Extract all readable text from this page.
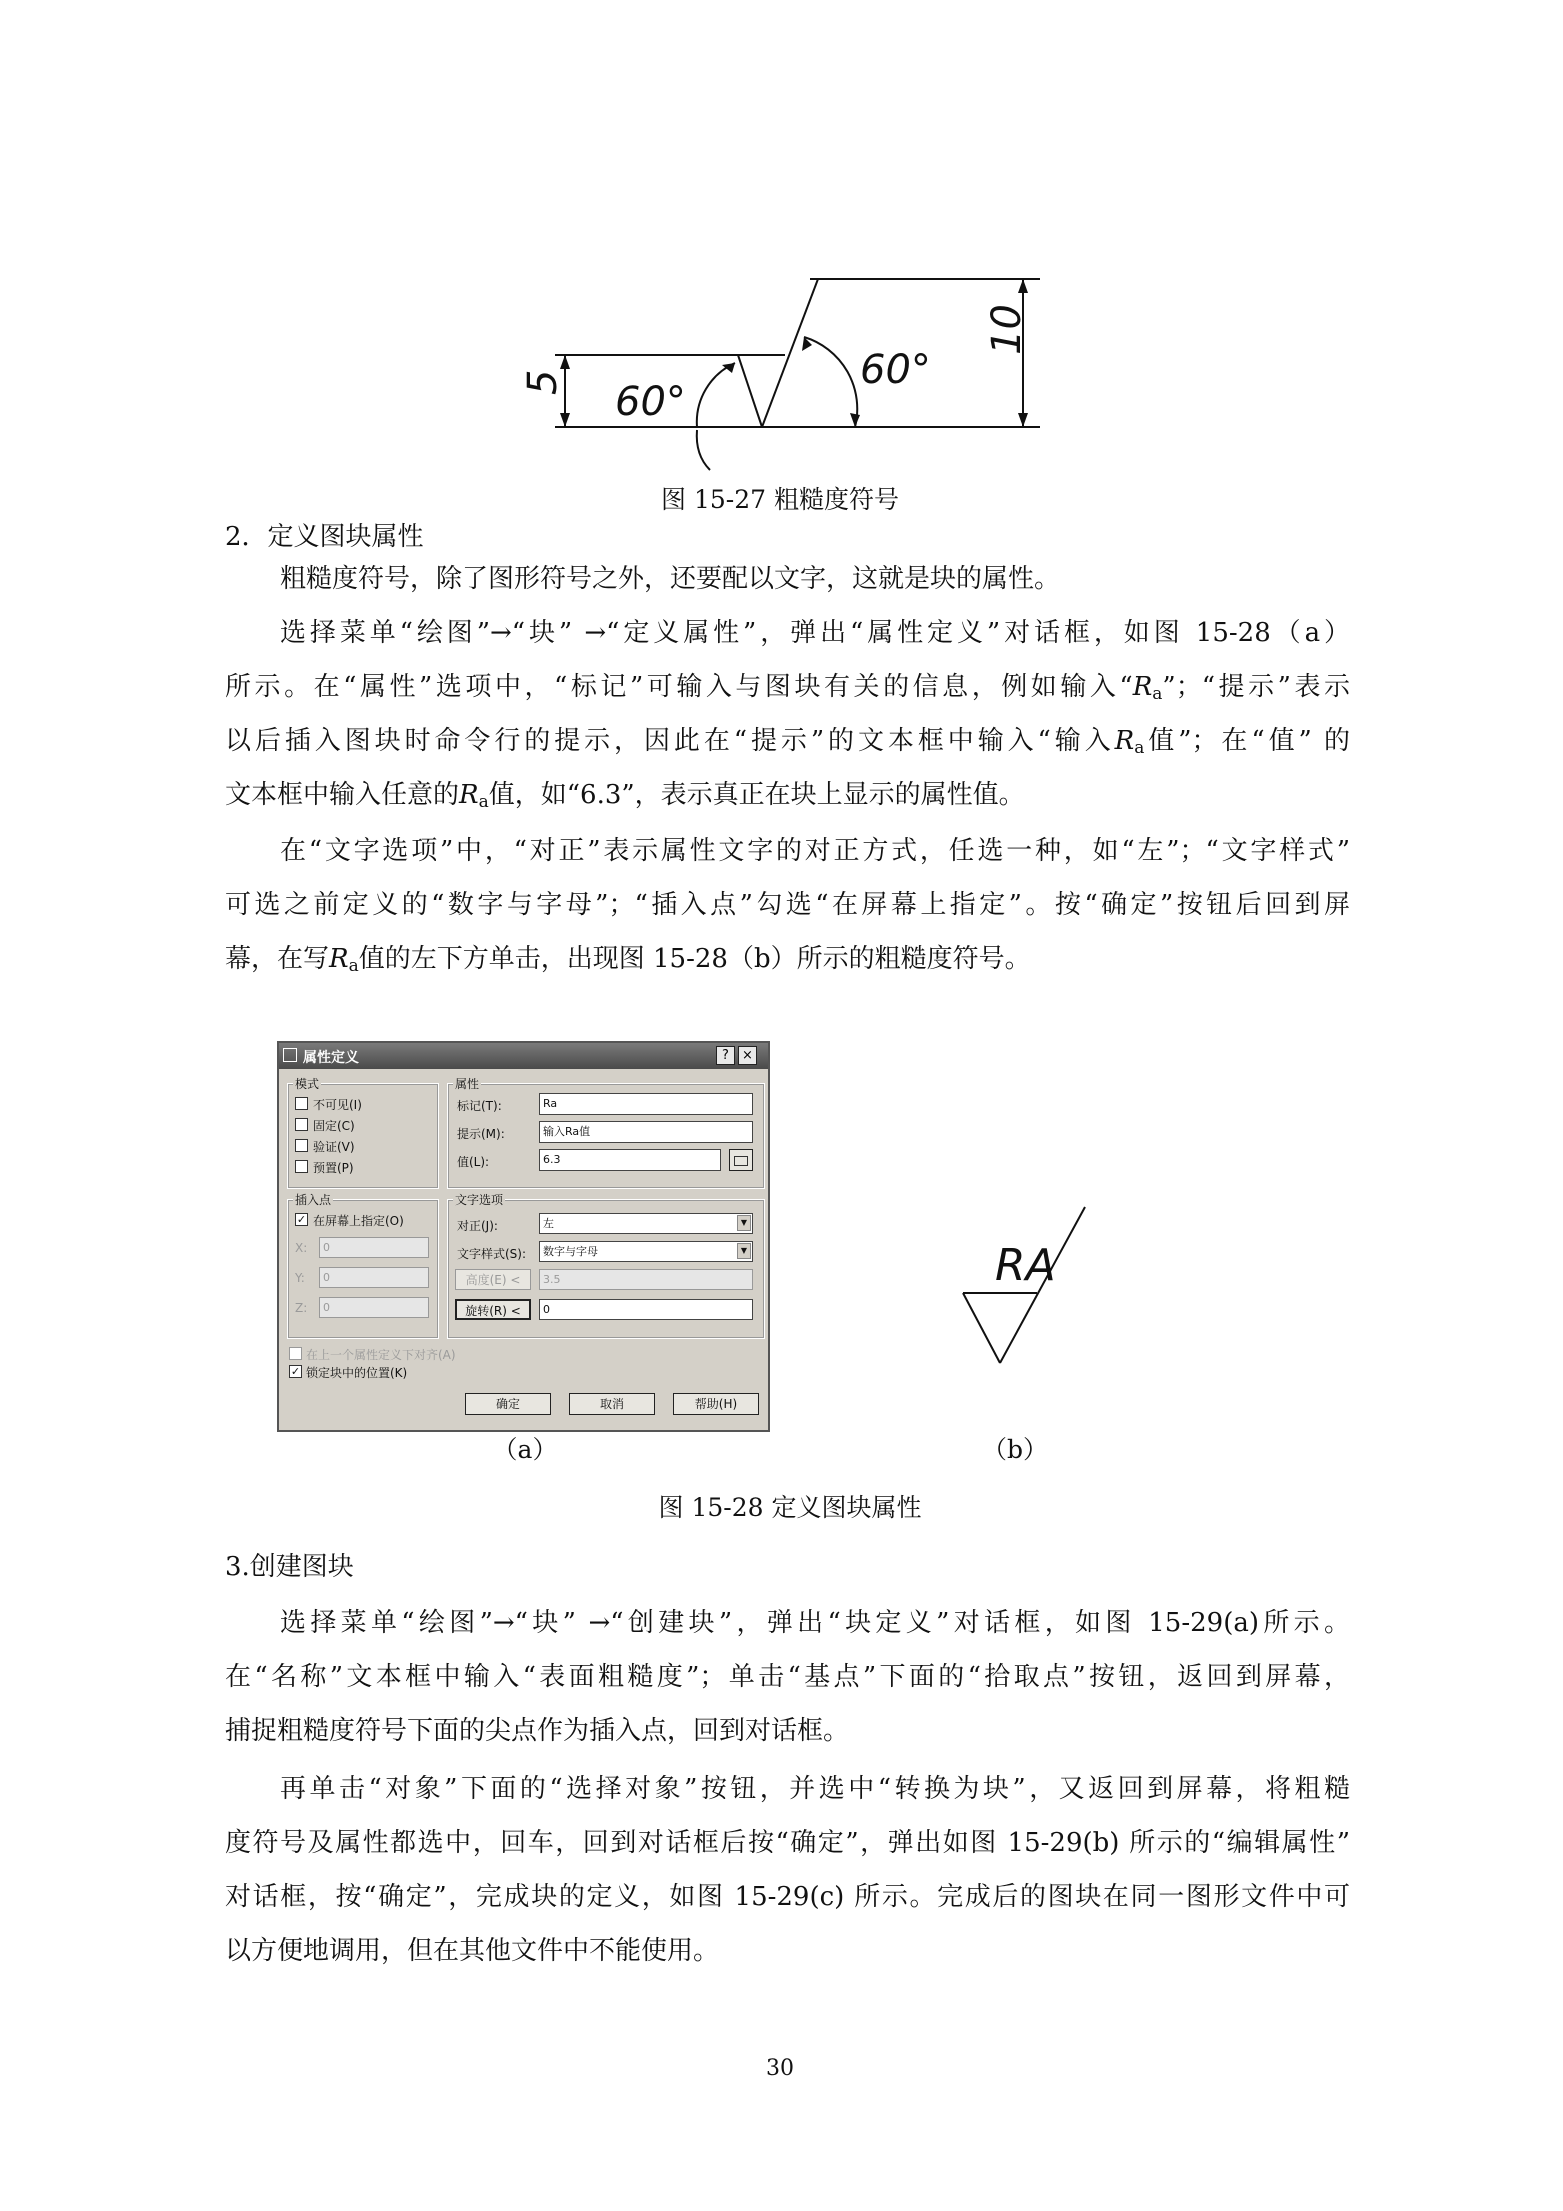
5 60°
60°
10
图 15-27 粗糙度符号
2．定义图块属性
粗糙度符号，除了图形符号之外，还要配以文字，这就是块的属性。
选择菜单“绘图”→“块” →“定义属性”，弹出“属性定义”对话框，如图 15-28（a）
所示。在“属性”选项中，“标记”可输入与图块有关的信息，例如输入“$R_a$”；“提示”表示
以后插入图块时命令行的提示，因此在“提示”的文本框中输入“输入$R_a$值”；在“值” 的
文本框中输入任意的$R_a$值，如“6.3”，表示真正在块上显示的属性值。
在“文字选项”中，“对正”表示属性文字的对正方式，任选一种，如“左”；“文字样式”
可选之前定义的“数字与字母”；“插入点”勾选“在屏幕上指定”。按“确定”按钮后回到屏
幕，在写$R_a$值的左下方单击，出现图 15-28（b）所示的粗糙度符号。
属性定义	?	×
模式
不可见(I)
固定(C)
验证(V)
预置(P)
属性
标记(T):	Ra
提示(M):	输入Ra值
值(L):	6.3
插入点
✓ 在屏幕上指定(O)
X:	0
Y:	0
Z:	0
文字选项
对正(J):	左	▼
文字样式(S):	数字与字母	▼
高度(E) <	3.5
旋转(R) <	0
在上一个属性定义下对齐(A)
✓ 锁定块中的位置(K)
确定	取消	帮助(H)
RA
（a）	（b）
图 15-28 定义图块属性
3.创建图块
选择菜单“绘图”→“块” →“创建块”，弹出“块定义”对话框，如图 15-29(a)所示。
在“名称”文本框中输入“表面粗糙度”；单击“基点”下面的“拾取点”按钮，返回到屏幕，
捕捉粗糙度符号下面的尖点作为插入点，回到对话框。
再单击“对象”下面的“选择对象”按钮，并选中“转换为块”，又返回到屏幕，将粗糙
度符号及属性都选中，回车，回到对话框后按“确定”，弹出如图 15-29(b) 所示的“编辑属性”
对话框，按“确定”，完成块的定义，如图 15-29(c) 所示。完成后的图块在同一图形文件中可
以方便地调用，但在其他文件中不能使用。
30
